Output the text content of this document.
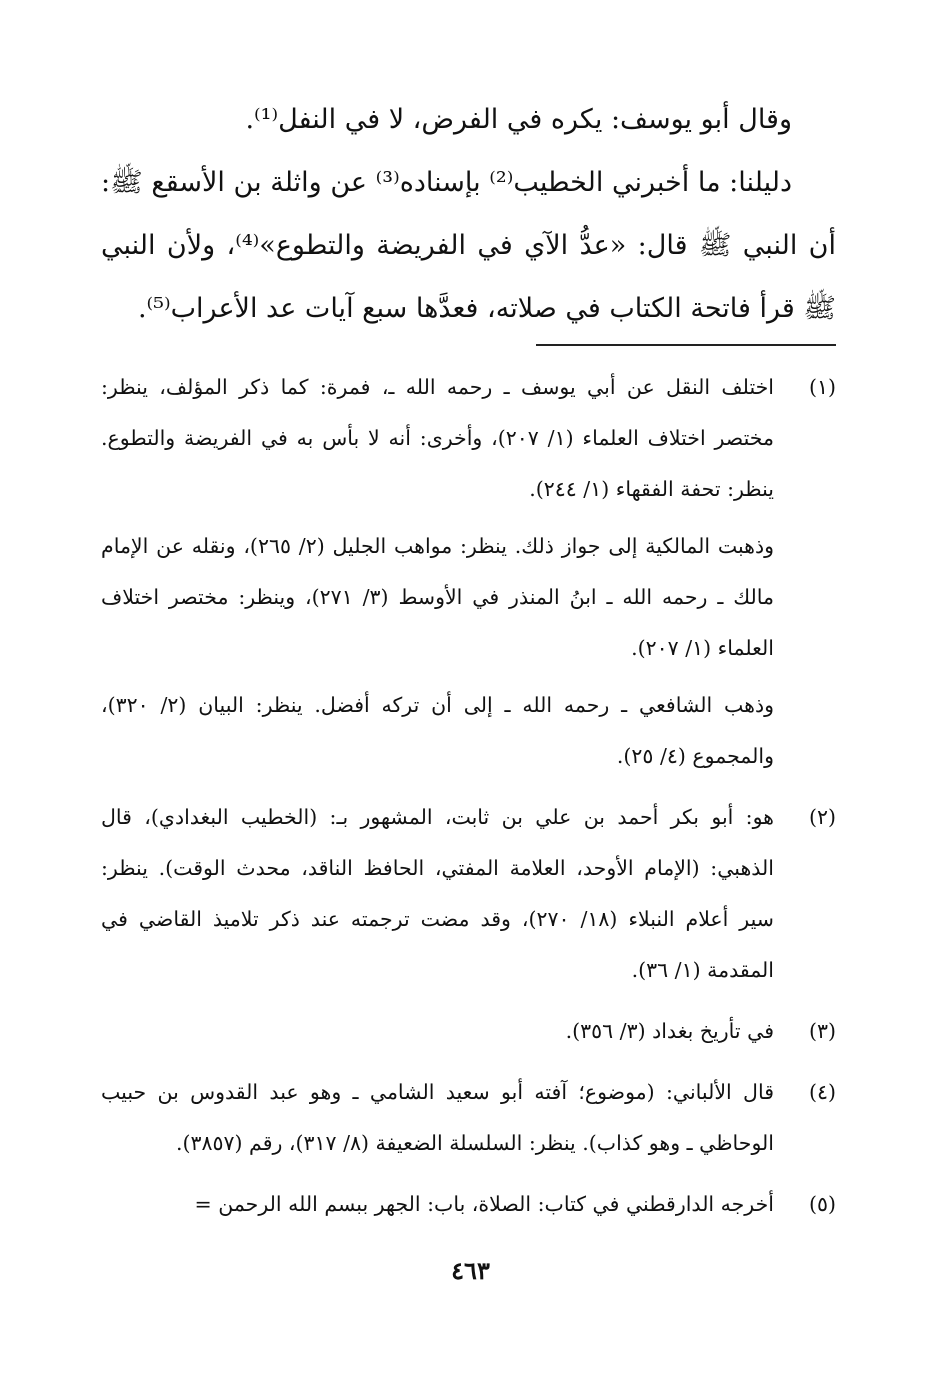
وقال أبو يوسف: يكره في الفرض، لا في النفل⁽¹⁾.

دليلنا: ما أخبرني الخطيب⁽²⁾ بإسناده⁽³⁾ عن واثلة بن الأسقع ﷺ: أن النبي ﷺ قال: «عدُّ الآي في الفريضة والتطوع»⁽⁴⁾، ولأن النبي ﷺ قرأ فاتحة الكتاب في صلاته، فعدَّها سبع آيات عد الأعراب⁽⁵⁾.

(١)

اختلف النقل عن أبي يوسف ـ رحمه الله ـ، فمرة: كما ذكر المؤلف، ينظر: مختصر اختلاف العلماء (١/ ٢٠٧)، وأخرى: أنه لا بأس به في الفريضة والتطوع. ينظر: تحفة الفقهاء (١/ ٢٤٤).

وذهبت المالكية إلى جواز ذلك. ينظر: مواهب الجليل (٢/ ٢٦٥)، ونقله عن الإمام مالك ـ رحمه الله ـ ابنُ المنذر في الأوسط (٣/ ٢٧١)، وينظر: مختصر اختلاف العلماء (١/ ٢٠٧).

وذهب الشافعي ـ رحمه الله ـ إلى أن تركه أفضل. ينظر: البيان (٢/ ٣٢٠)، والمجموع (٤/ ٢٥).

(٢)

هو: أبو بكر أحمد بن علي بن ثابت، المشهور بـ: (الخطيب البغدادي)، قال الذهبي: (الإمام الأوحد، العلامة المفتي، الحافظ الناقد، محدث الوقت). ينظر: سير أعلام النبلاء (١٨/ ٢٧٠)، وقد مضت ترجمته عند ذكر تلاميذ القاضي في المقدمة (١/ ٣٦).

(٣)

في تأريخ بغداد (٣/ ٣٥٦).

(٤)

قال الألباني: (موضوع؛ آفته أبو سعيد الشامي ـ وهو عبد القدوس بن حبيب الوحاظي ـ وهو كذاب). ينظر: السلسلة الضعيفة (٨/ ٣١٧)، رقم (٣٨٥٧).

(٥)

أخرجه الدارقطني في كتاب: الصلاة، باب: الجهر ببسم الله الرحمن =

٤٦٣
